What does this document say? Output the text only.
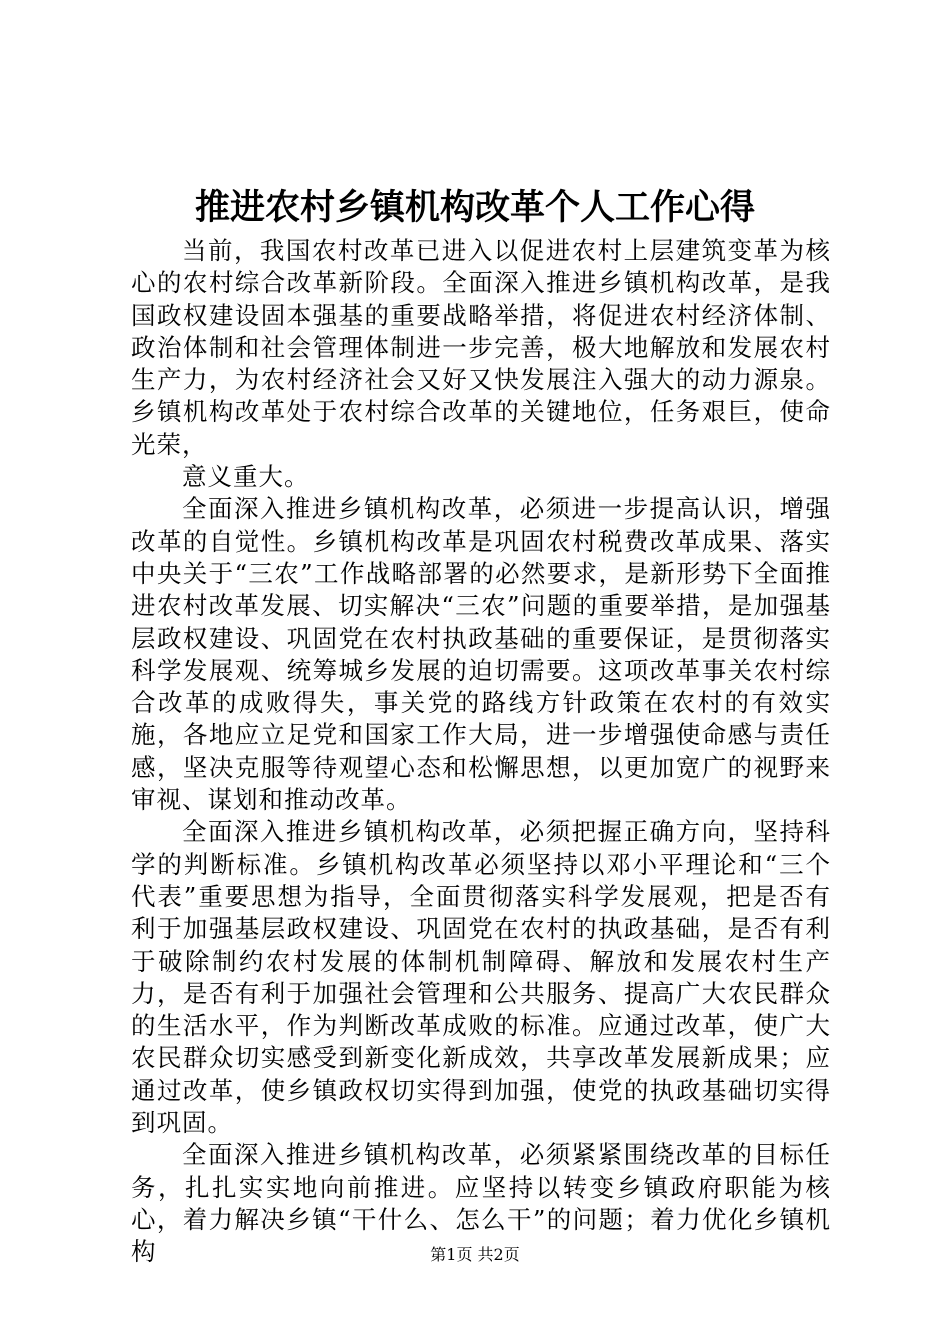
推进农村乡镇机构改革个人工作心得

当前，我国农村改革已进入以促进农村上层建筑变革为核心的农村综合改革新阶段。全面深入推进乡镇机构改革，是我国政权建设固本强基的重要战略举措，将促进农村经济体制、政治体制和社会管理体制进一步完善，极大地解放和发展农村生产力，为农村经济社会又好又快发展注入强大的动力源泉。乡镇机构改革处于农村综合改革的关键地位，任务艰巨，使命光荣，

意义重大。

全面深入推进乡镇机构改革，必须进一步提高认识，增强改革的自觉性。乡镇机构改革是巩固农村税费改革成果、落实中央关于“三农”工作战略部署的必然要求，是新形势下全面推进农村改革发展、切实解决“三农”问题的重要举措，是加强基层政权建设、巩固党在农村执政基础的重要保证，是贯彻落实科学发展观、统筹城乡发展的迫切需要。这项改革事关农村综合改革的成败得失，事关党的路线方针政策在农村的有效实施，各地应立足党和国家工作大局，进一步增强使命感与责任感，坚决克服等待观望心态和松懈思想，以更加宽广的视野来审视、谋划和推动改革。

全面深入推进乡镇机构改革，必须把握正确方向，坚持科学的判断标准。乡镇机构改革必须坚持以邓小平理论和“三个代表”重要思想为指导，全面贯彻落实科学发展观，把是否有利于加强基层政权建设、巩固党在农村的执政基础，是否有利于破除制约农村发展的体制机制障碍、解放和发展农村生产力，是否有利于加强社会管理和公共服务、提高广大农民群众的生活水平，作为判断改革成败的标准。应通过改革，使广大农民群众切实感受到新变化新成效，共享改革发展新成果；应通过改革，使乡镇政权切实得到加强，使党的执政基础切实得到巩固。

全面深入推进乡镇机构改革，必须紧紧围绕改革的目标任务，扎扎实实地向前推进。应坚持以转变乡镇政府职能为核心，着力解决乡镇“干什么、怎么干”的问题；着力优化乡镇机构	第1页 共2页
